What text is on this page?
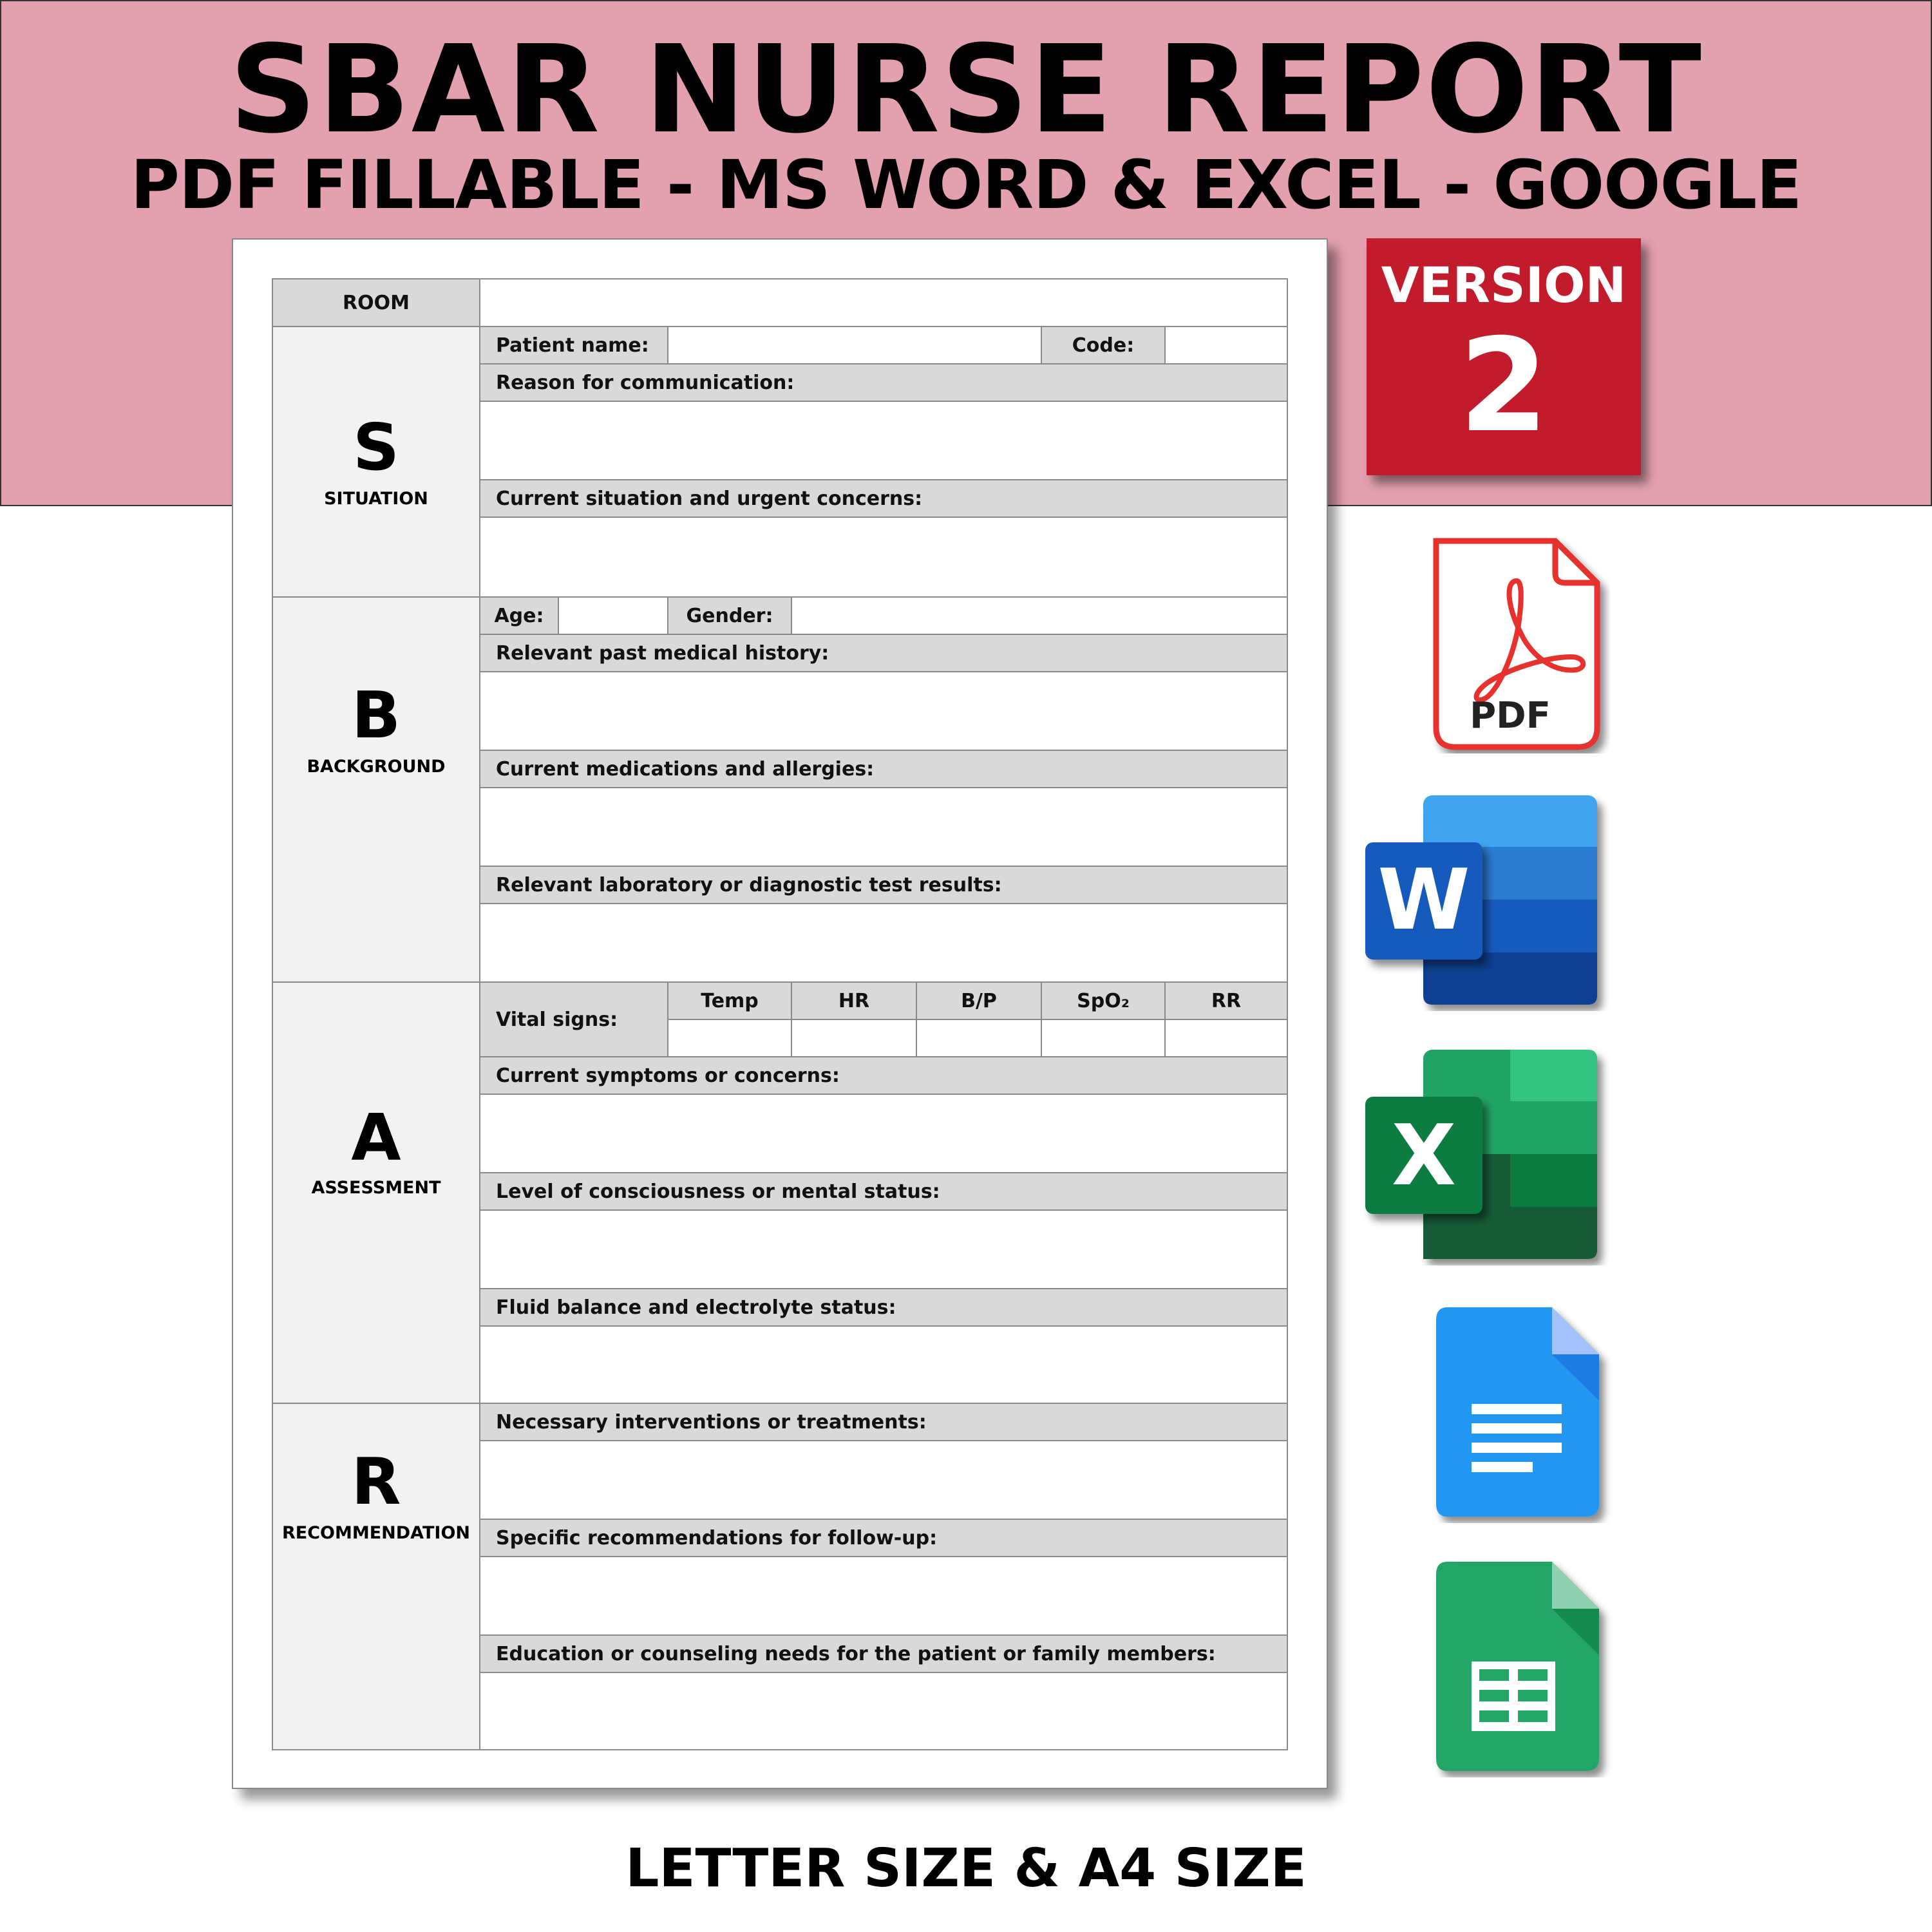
SBAR NURSE REPORT
PDF FILLABLE - MS WORD & EXCEL - GOOGLE
VERSION
2
ROOM
S
SITUATION
Patient name:	Code:
Reason for communication:
Current situation and urgent concerns:
B
BACKGROUND
Age:	Gender:
Relevant past medical history:
Current medications and allergies:
Relevant laboratory or diagnostic test results:
A
ASSESSMENT
Vital signs:
Temp	HR	B/P	SpO₂	RR
Current symptoms or concerns:
Level of consciousness or mental status:
Fluid balance and electrolyte status:
R
RECOMMENDATION
Necessary interventions or treatments:
Specific recommendations for follow-up:
Education or counseling needs for the patient or family members:
PDF
W
X
LETTER SIZE & A4 SIZE
